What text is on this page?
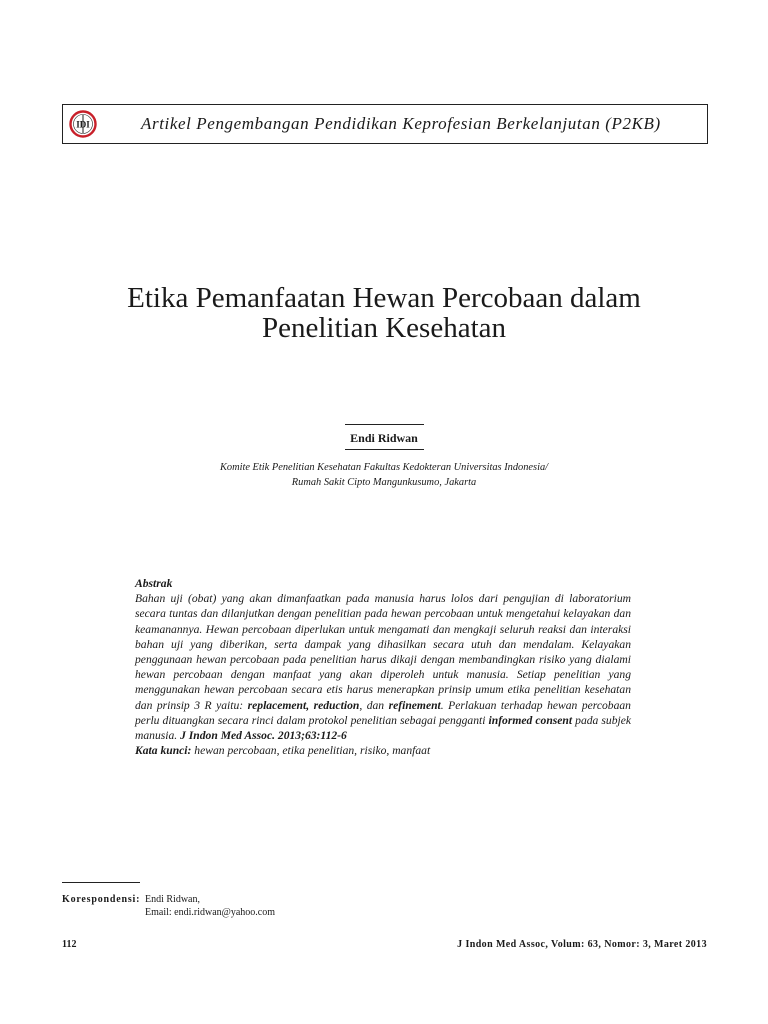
IDI	Artikel Pengembangan Pendidikan Keprofesian Berkelanjutan (P2KB)
Etika Pemanfaatan Hewan Percobaan dalam
Penelitian Kesehatan
Endi Ridwan
Komite Etik Penelitian Kesehatan Fakultas Kedokteran Universitas Indonesia/
Rumah Sakit Cipto Mangunkusumo, Jakarta
Abstrak

Bahan uji (obat) yang akan dimanfaatkan pada manusia harus lolos dari pengujian di laboratorium secara tuntas dan dilanjutkan dengan penelitian pada hewan percobaan untuk mengetahui kelayakan dan keamanannya. Hewan percobaan diperlukan untuk mengamati dan mengkaji seluruh reaksi dan interaksi bahan uji yang diberikan, serta dampak yang dihasilkan secara utuh dan mendalam. Kelayakan penggunaan hewan percobaan pada penelitian harus dikaji dengan membandingkan risiko yang dialami hewan percobaan dengan manfaat yang akan diperoleh untuk manusia. Setiap penelitian yang menggunakan hewan percobaan secara etis harus menerapkan prinsip umum etika penelitian kesehatan dan prinsip 3 R yaitu: replacement, reduction, dan refinement. Perlakuan terhadap hewan percobaan perlu dituangkan secara rinci dalam protokol penelitian sebagai pengganti informed consent pada subjek manusia. J Indon Med Assoc. 2013;63:112-6

Kata kunci: hewan percobaan, etika penelitian, risiko, manfaat

Korespondensi: Endi Ridwan,
Email: endi.ridwan@yahoo.com
112	J Indon Med Assoc, Volum: 63, Nomor: 3, Maret 2013
